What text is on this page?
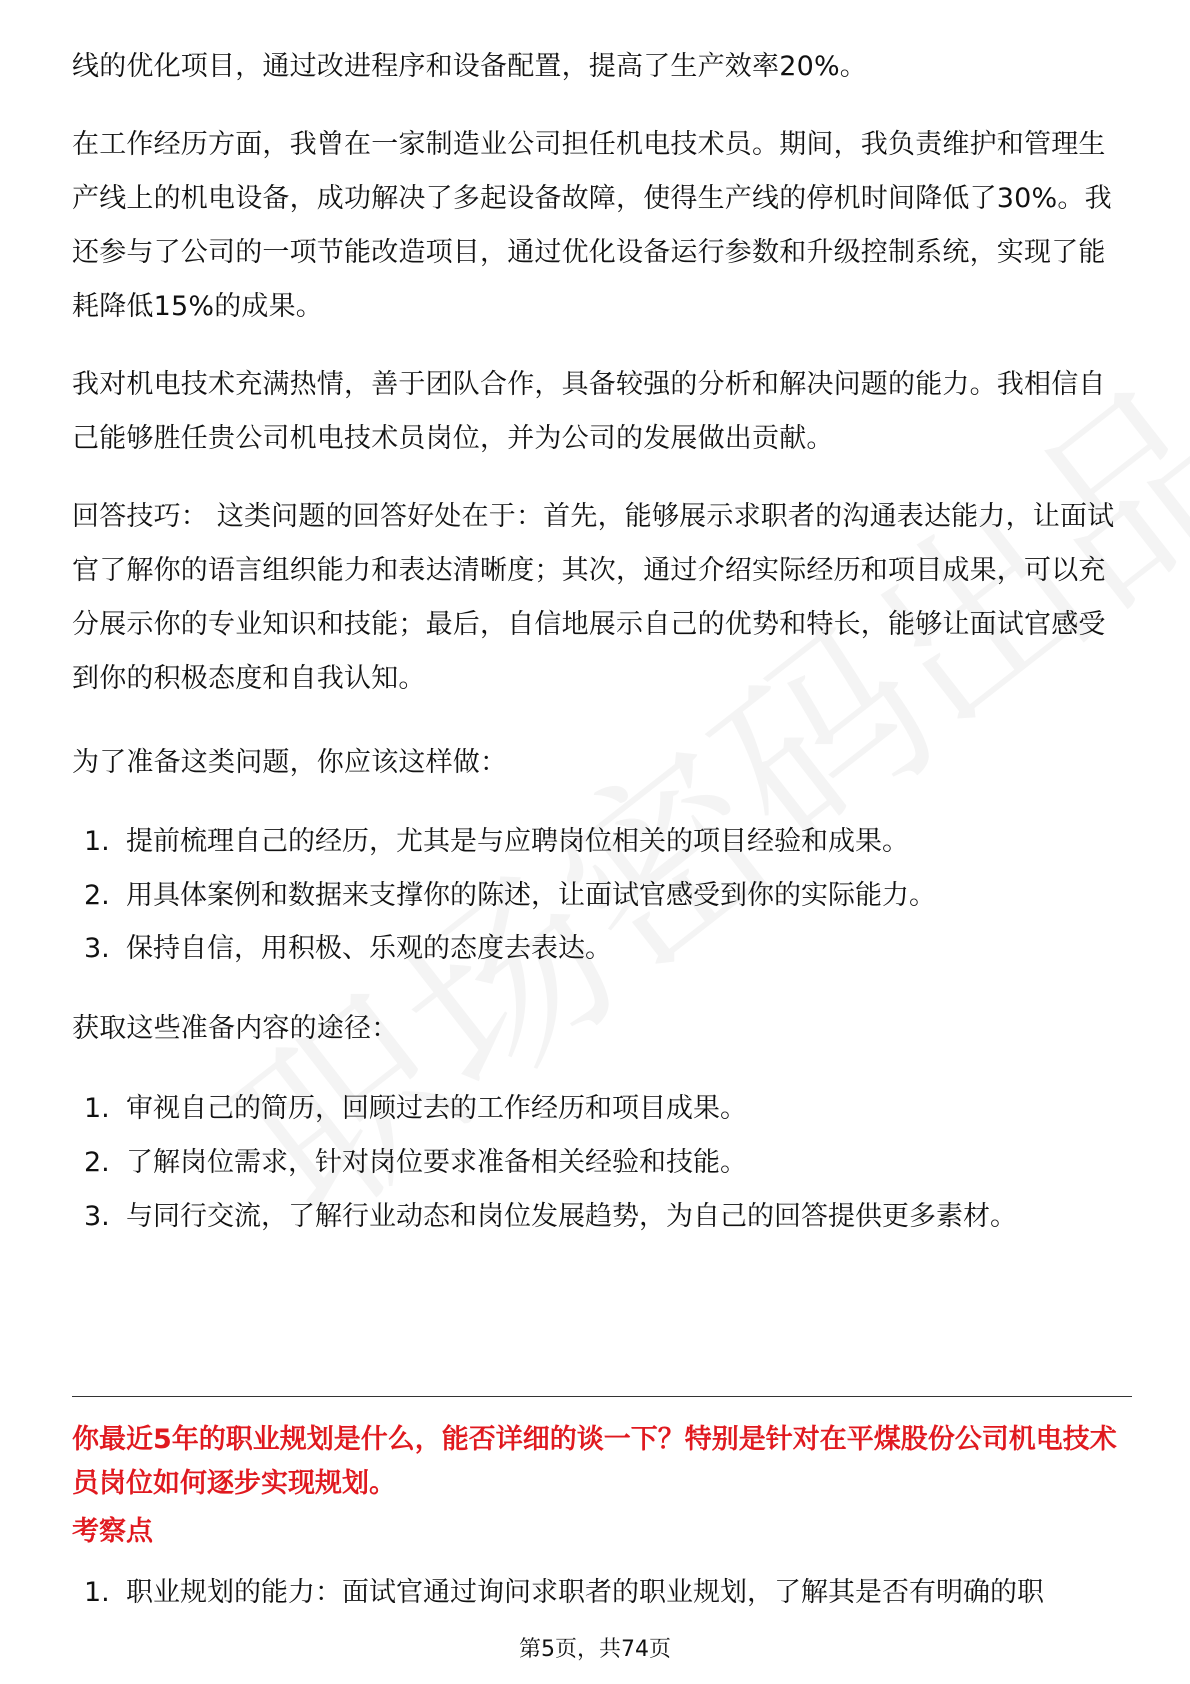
线的优化项目，通过改进程序和设备配置，提高了生产效率20%。

在工作经历方面，我曾在一家制造业公司担任机电技术员。期间，我负责维护和管理生产线上的机电设备，成功解决了多起设备故障，使得生产线的停机时间降低了30%。我还参与了公司的一项节能改造项目，通过优化设备运行参数和升级控制系统，实现了能耗降低15%的成果。

我对机电技术充满热情，善于团队合作，具备较强的分析和解决问题的能力。我相信自己能够胜任贵公司机电技术员岗位，并为公司的发展做出贡献。

回答技巧： 这类问题的回答好处在于：首先，能够展示求职者的沟通表达能力，让面试官了解你的语言组织能力和表达清晰度；其次，通过介绍实际经历和项目成果，可以充分展示你的专业知识和技能；最后，自信地展示自己的优势和特长，能够让面试官感受到你的积极态度和自我认知。

为了准备这类问题，你应该这样做：

1. 提前梳理自己的经历，尤其是与应聘岗位相关的项目经验和成果。
2. 用具体案例和数据来支撑你的陈述，让面试官感受到你的实际能力。
3. 保持自信，用积极、乐观的态度去表达。

获取这些准备内容的途径：

1. 审视自己的简历，回顾过去的工作经历和项目成果。
2. 了解岗位需求，针对岗位要求准备相关经验和技能。
3. 与同行交流，了解行业动态和岗位发展趋势，为自己的回答提供更多素材。
你最近5年的职业规划是什么，能否详细的谈一下？特别是针对在平煤股份公司机电技术员岗位如何逐步实现规划。
考察点
1. 职业规划的能力：面试官通过询问求职者的职业规划，了解其是否有明确的职
第5页，共74页
